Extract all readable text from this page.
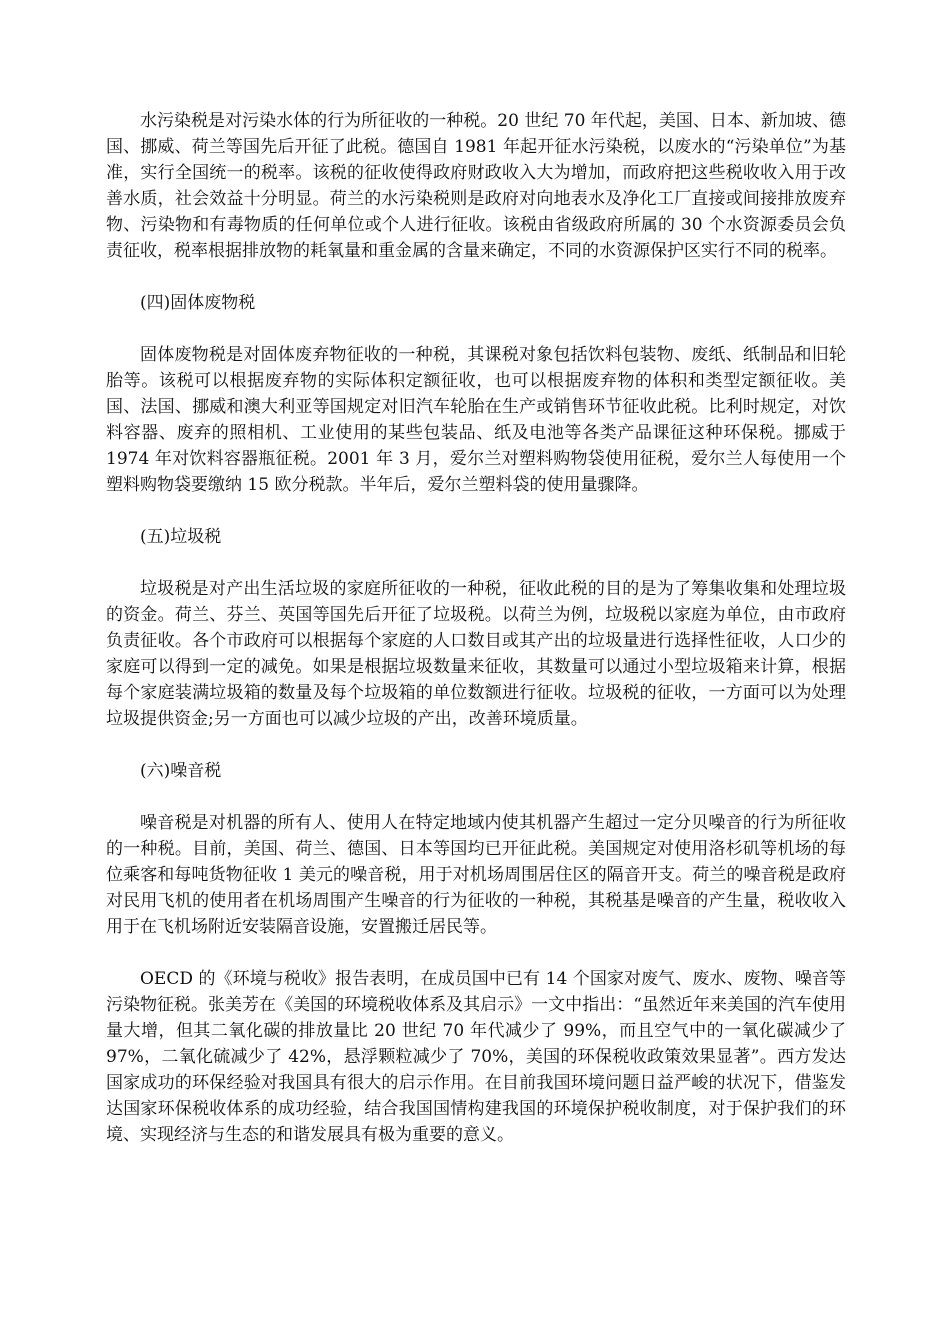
水污染税是对污染水体的行为所征收的一种税。20 世纪 70 年代起，美国、日本、新加坡、德国、挪威、荷兰等国先后开征了此税。德国自 1981 年起开征水污染税，以废水的“污染单位”为基准，实行全国统一的税率。该税的征收使得政府财政收入大为增加，而政府把这些税收收入用于改善水质，社会效益十分明显。荷兰的水污染税则是政府对向地表水及净化工厂直接或间接排放废弃物、污染物和有毒物质的任何单位或个人进行征收。该税由省级政府所属的 30 个水资源委员会负责征收，税率根据排放物的耗氧量和重金属的含量来确定，不同的水资源保护区实行不同的税率。

(四)固体废物税

固体废物税是对固体废弃物征收的一种税，其课税对象包括饮料包装物、废纸、纸制品和旧轮胎等。该税可以根据废弃物的实际体积定额征收，也可以根据废弃物的体积和类型定额征收。美国、法国、挪威和澳大利亚等国规定对旧汽车轮胎在生产或销售环节征收此税。比利时规定，对饮料容器、废弃的照相机、工业使用的某些包装品、纸及电池等各类产品课征这种环保税。挪威于 1974 年对饮料容器瓶征税。2001 年 3 月，爱尔兰对塑料购物袋使用征税，爱尔兰人每使用一个塑料购物袋要缴纳 15 欧分税款。半年后，爱尔兰塑料袋的使用量骤降。

(五)垃圾税

垃圾税是对产出生活垃圾的家庭所征收的一种税，征收此税的目的是为了筹集收集和处理垃圾的资金。荷兰、芬兰、英国等国先后开征了垃圾税。以荷兰为例，垃圾税以家庭为单位，由市政府负责征收。各个市政府可以根据每个家庭的人口数目或其产出的垃圾量进行选择性征收，人口少的家庭可以得到一定的减免。如果是根据垃圾数量来征收，其数量可以通过小型垃圾箱来计算，根据每个家庭装满垃圾箱的数量及每个垃圾箱的单位数额进行征收。垃圾税的征收，一方面可以为处理垃圾提供资金;另一方面也可以减少垃圾的产出，改善环境质量。

(六)噪音税

噪音税是对机器的所有人、使用人在特定地域内使其机器产生超过一定分贝噪音的行为所征收的一种税。目前，美国、荷兰、德国、日本等国均已开征此税。美国规定对使用洛杉矶等机场的每位乘客和每吨货物征收 1 美元的噪音税，用于对机场周围居住区的隔音开支。荷兰的噪音税是政府对民用飞机的使用者在机场周围产生噪音的行为征收的一种税，其税基是噪音的产生量，税收收入用于在飞机场附近安装隔音设施，安置搬迁居民等。

OECD 的《环境与税收》报告表明，在成员国中已有 14 个国家对废气、废水、废物、噪音等污染物征税。张美芳在《美国的环境税收体系及其启示》一文中指出：“虽然近年来美国的汽车使用量大增，但其二氧化碳的排放量比 20 世纪 70 年代减少了 99%，而且空气中的一氧化碳减少了 97%，二氧化硫减少了 42%，悬浮颗粒减少了 70%，美国的环保税收政策效果显著”。西方发达国家成功的环保经验对我国具有很大的启示作用。在目前我国环境问题日益严峻的状况下，借鉴发达国家环保税收体系的成功经验，结合我国国情构建我国的环境保护税收制度，对于保护我们的环境、实现经济与生态的和谐发展具有极为重要的意义。
